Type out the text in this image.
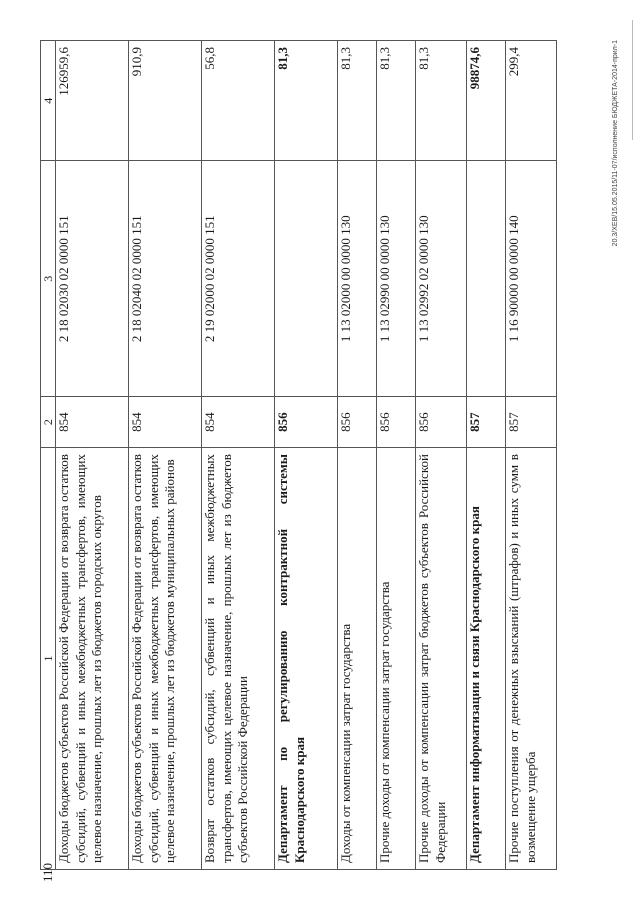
1	2	3	4
Доходы бюджетов субъектов Российской Федерации от возврата остатков субсидий, субвенций и иных межбюджетных трансфертов, имеющих целевое назначение, прошлых лет из бюджетов городских округов	854	2 18 02030 02 0000 151	126959,6
Доходы бюджетов субъектов Российской Федерации от возврата остатков субсидий, субвенций и иных межбюджетных трансфертов, имеющих целевое назначение, прошлых лет из бюджетов муниципальных районов	854	2 18 02040 02 0000 151	910,9
Возврат остатков субсидий, субвенций и иных межбюджетных трансфертов, имеющих целевое назначение, прошлых лет из бюджетов субъектов Российской Федерации	854	2 19 02000 02 0000 151	56,8
Департамент по регулированию контрактной системы Краснодарского края	856		81,3
Доходы от компенсации затрат государства	856	1 13 02000 00 0000 130	81,3
Прочие доходы от компенсации затрат государства	856	1 13 02990 00 0000 130	81,3
Прочие доходы от компенсации затрат бюджетов субъектов Российской Федерации	856	1 13 02992 02 0000 130	81,3
Департамент информатизации и связи Краснодарского края	857		98874,6
Прочие поступления от денежных взысканий (штрафов) и иных сумм в возмещение ущерба	857	1 16 90000 00 0000 140	299,4	20.3/XЕВ/15.05.2015/11-07/исполнение БЮДЖЕТА-2014-прил-1
110
